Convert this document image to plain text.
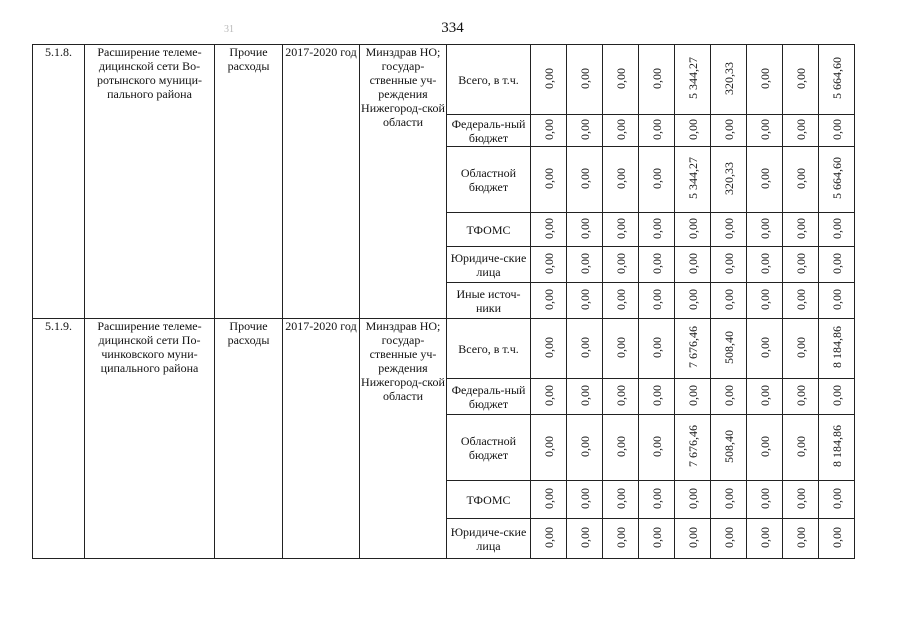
334
31
5.1.8.	Расширение телеме-дицинской сети Во-ротынского муници-пального района	Прочие расходы	2017-2020 год	Минздрав НО; государ-ственные уч-реждения Нижегород-ской области	Всего, в т.ч.	0,00	0,00	0,00	0,00	5 344,27	320,33	0,00	0,00	5 664,60
					Федераль-ный бюджет	0,00	0,00	0,00	0,00	0,00	0,00	0,00	0,00	0,00
					Областной бюджет	0,00	0,00	0,00	0,00	5 344,27	320,33	0,00	0,00	5 664,60
					ТФОМС	0,00	0,00	0,00	0,00	0,00	0,00	0,00	0,00	0,00
					Юридиче-ские лица	0,00	0,00	0,00	0,00	0,00	0,00	0,00	0,00	0,00
					Иные источ-ники	0,00	0,00	0,00	0,00	0,00	0,00	0,00	0,00	0,00
5.1.9.	Расширение телеме-дицинской сети По-чинковского муни-ципального района	Прочие расходы	2017-2020 год	Минздрав НО; государ-ственные уч-реждения Нижегород-ской области	Всего, в т.ч.	0,00	0,00	0,00	0,00	7 676,46	508,40	0,00	0,00	8 184,86
					Федераль-ный бюджет	0,00	0,00	0,00	0,00	0,00	0,00	0,00	0,00	0,00
					Областной бюджет	0,00	0,00	0,00	0,00	7 676,46	508,40	0,00	0,00	8 184,86
					ТФОМС	0,00	0,00	0,00	0,00	0,00	0,00	0,00	0,00	0,00
					Юридиче-ские лица	0,00	0,00	0,00	0,00	0,00	0,00	0,00	0,00	0,00
